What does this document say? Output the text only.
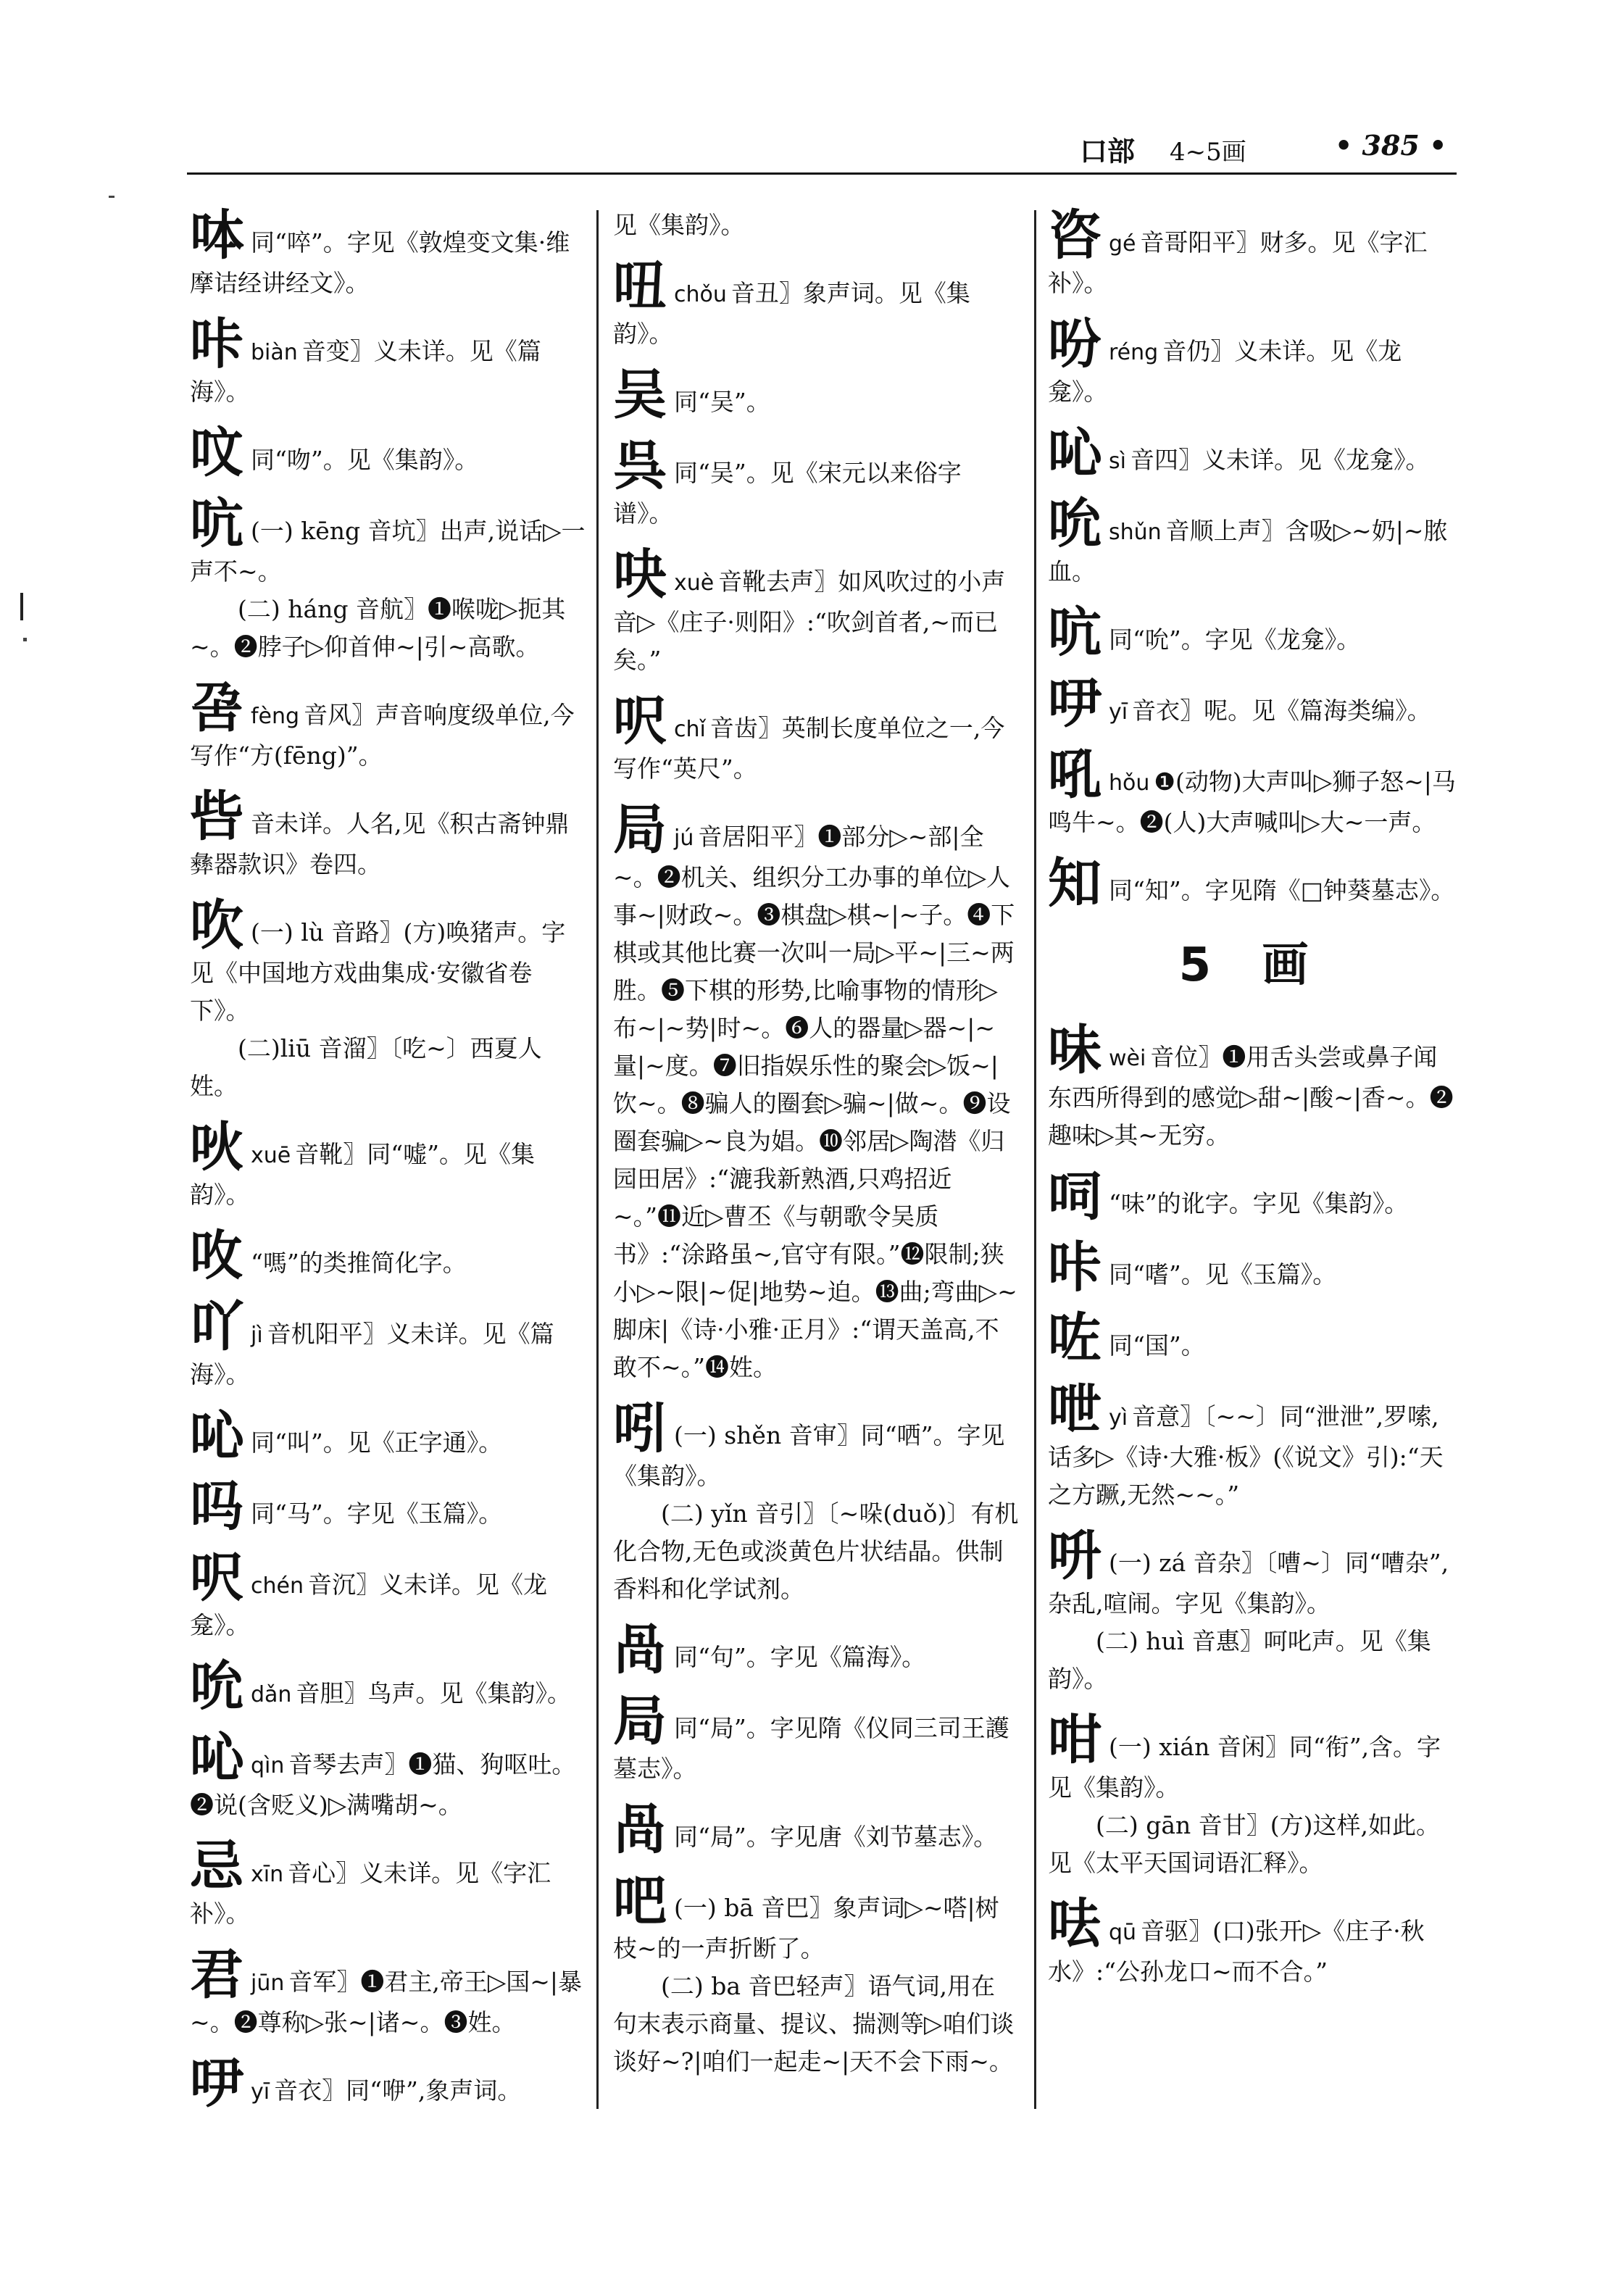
口部 4~5画	• 385 •

呠同“啐”。字见《敦煌变文集·维摩诘经讲经文》。

咔biàn 音变〗义未详。见《篇海》。

呅同“吻”。见《集韵》。

吭 (一) kēng 音坑〗出声,说话▷一声不~。
(二) háng 音航〗❶喉咙▷扼其~。❷脖子▷仰首伸~|引~高歌。

呄fèng 音风〗声音响度级单位,今写作“方(fēng)”。

呰音未详。人名,见《积古斋钟鼎彝器款识》卷四。

吹 (一) lù 音路〗(方)唤猪声。字见《中国地方戏曲集成·安徽省卷下》。
(二)liū 音溜〗〔吃~〕西夏人姓。

吙xuē 音靴〗同“嘘”。见《集韵》。

呚 “嗎”的类推简化字。

吖jì 音机阳平〗义未详。见《篇海》。

吣同“叫”。见《正字通》。

吗同“马”。字见《玉篇》。

呎chén 音沉〗义未详。见《龙龛》。

吮dǎn 音胆〗鸟声。见《集韵》。

吣qìn 音琴去声〗❶猫、狗呕吐。❷说(含贬义)▷满嘴胡~。

忌xīn 音心〗义未详。见《字汇补》。

君jūn 音军〗❶君主,帝王▷国~|暴~。❷尊称▷张~|诸~。❸姓。

吚yī 音衣〗同“咿”,象声词。

见《集韵》。

吜chǒu 音丑〗象声词。见《集韵》。

吴同“吴”。

呉同“吴”。见《宋元以来俗字谱》。

吷xuè 音靴去声〗如风吹过的小声音▷《庄子·则阳》:“吹剑首者,~而已矣。”

呎chǐ 音齿〗英制长度单位之一,今写作“英尺”。

局jú 音居阳平〗❶部分▷~部|全~。❷机关、组织分工办事的单位▷人事~|财政~。❸棋盘▷棋~|~子。❹下棋或其他比赛一次叫一局▷平~|三~两胜。❺下棋的形势,比喻事物的情形▷布~|~势|时~。❻人的器量▷器~|~量|~度。❼旧指娱乐性的聚会▷饭~|饮~。❽骗人的圈套▷骗~|做~。❾设圈套骗▷~良为娼。❿邻居▷陶潜《归园田居》:“漉我新熟酒,只鸡招近~。”⓫近▷曹丕《与朝歌令吴质书》:“涂路虽~,官守有限。”⓬限制;狭小▷~限|~促|地势~迫。⓭曲;弯曲▷~脚床|《诗·小雅·正月》:“谓天盖高,不敢不~。”⓮姓。

吲 (一) shěn 音审〗同“哂”。字见《集韵》。
(二) yǐn 音引〗〔~哚(duǒ)〕有机化合物,无色或淡黄色片状结晶。供制香料和化学试剂。

咼同“句”。字见《篇海》。

局同“局”。字见隋《仪同三司王護墓志》。

咼同“局”。字见唐《刘节墓志》。

吧 (一) bā 音巴〗象声词▷~嗒|树枝~的一声折断了。
(二) ba 音巴轻声〗语气词,用在句末表示商量、提议、揣测等▷咱们谈谈好~?|咱们一起走~|天不会下雨~。

咨gé 音哥阳平〗财多。见《字汇补》。

吩réng 音仍〗义未详。见《龙龛》。

吣sì 音四〗义未详。见《龙龛》。

吮shǔn 音顺上声〗含吸▷~奶|~脓血。

吭同“吮”。字见《龙龛》。

吚yī 音衣〗呢。见《篇海类编》。

吼hǒu ❶(动物)大声叫▷狮子怒~|马鸣牛~。❷(人)大声喊叫▷大~一声。

知同“知”。字见隋《□钟葵墓志》。

5 画

味wèi 音位〗❶用舌头尝或鼻子闻东西所得到的感觉▷甜~|酸~|香~。❷趣味▷其~无穷。

呞 “味”的讹字。字见《集韵》。

咔同“嗜”。见《玉篇》。

咗同“国”。

呭yì 音意〗〔~~〕同“泄泄”,罗嗦,话多▷《诗·大雅·板》(《说文》引):“天之方蹶,无然~~。”

呏 (一) zá 音杂〗〔嘈~〕同“嘈杂”,杂乱,喧闹。字见《集韵》。
(二) huì 音惠〗呵叱声。见《集韵》。

咁 (一) xián 音闲〗同“衔”,含。字见《集韵》。
(二) gān 音甘〗(方)这样,如此。见《太平天国词语汇释》。

呿qū 音驱〗(口)张开▷《庄子·秋水》:“公孙龙口~而不合。”
